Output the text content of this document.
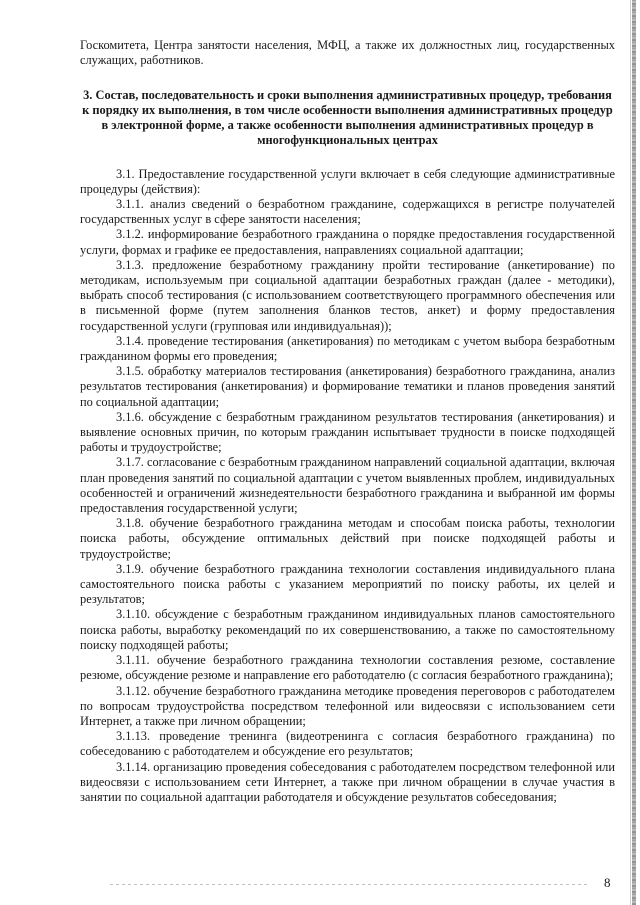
Госкомитета, Центра занятости населения, МФЦ, а также их должностных лиц, государственных служащих, работников.

3. Состав, последовательность и сроки выполнения административных процедур, требования к порядку их выполнения, в том числе особенности выполнения административных процедур в электронной форме, а также особенности выполнения административных процедур в многофункциональных центрах

3.1. Предоставление государственной услуги включает в себя следующие административные процедуры (действия):

3.1.1. анализ сведений о безработном гражданине, содержащихся в регистре получателей государственных услуг в сфере занятости населения;

3.1.2. информирование безработного гражданина о порядке предоставления государственной услуги, формах и графике ее предоставления, направлениях социальной адаптации;

3.1.3. предложение безработному гражданину пройти тестирование (анкетирование) по методикам, используемым при социальной адаптации безработных граждан (далее - методики), выбрать способ тестирования (с использованием соответствующего программного обеспечения или в письменной форме (путем заполнения бланков тестов, анкет) и форму предоставления государственной услуги (групповая или индивидуальная));

3.1.4. проведение тестирования (анкетирования) по методикам с учетом выбора безработным гражданином формы его проведения;

3.1.5. обработку материалов тестирования (анкетирования) безработного гражданина, анализ результатов тестирования (анкетирования) и формирование тематики и планов проведения занятий по социальной адаптации;

3.1.6. обсуждение с безработным гражданином результатов тестирования (анкетирования) и выявление основных причин, по которым гражданин испытывает трудности в поиске подходящей работы и трудоустройстве;

3.1.7. согласование с безработным гражданином направлений социальной адаптации, включая план проведения занятий по социальной адаптации с учетом выявленных проблем, индивидуальных особенностей и ограничений жизнедеятельности безработного гражданина и выбранной им формы предоставления государственной услуги;

3.1.8. обучение безработного гражданина методам и способам поиска работы, технологии поиска работы, обсуждение оптимальных действий при поиске подходящей работы и трудоустройстве;

3.1.9. обучение безработного гражданина технологии составления индивидуального плана самостоятельного поиска работы с указанием мероприятий по поиску работы, их целей и результатов;

3.1.10. обсуждение с безработным гражданином индивидуальных планов самостоятельного поиска работы, выработку рекомендаций по их совершенствованию, а также по самостоятельному поиску подходящей работы;

3.1.11. обучение безработного гражданина технологии составления резюме, составление резюме, обсуждение резюме и направление его работодателю (с согласия безработного гражданина);

3.1.12. обучение безработного гражданина методике проведения переговоров с работодателем по вопросам трудоустройства посредством телефонной или видеосвязи с использованием сети Интернет, а также при личном обращении;

3.1.13. проведение тренинга (видеотренинга с согласия безработного гражданина) по собеседованию с работодателем и обсуждение его результатов;

3.1.14. организацию проведения собеседования с работодателем посредством телефонной или видеосвязи с использованием сети Интернет, а также при личном обращении в случае участия в занятии по социальной адаптации работодателя и обсуждение результатов собеседования;

8
